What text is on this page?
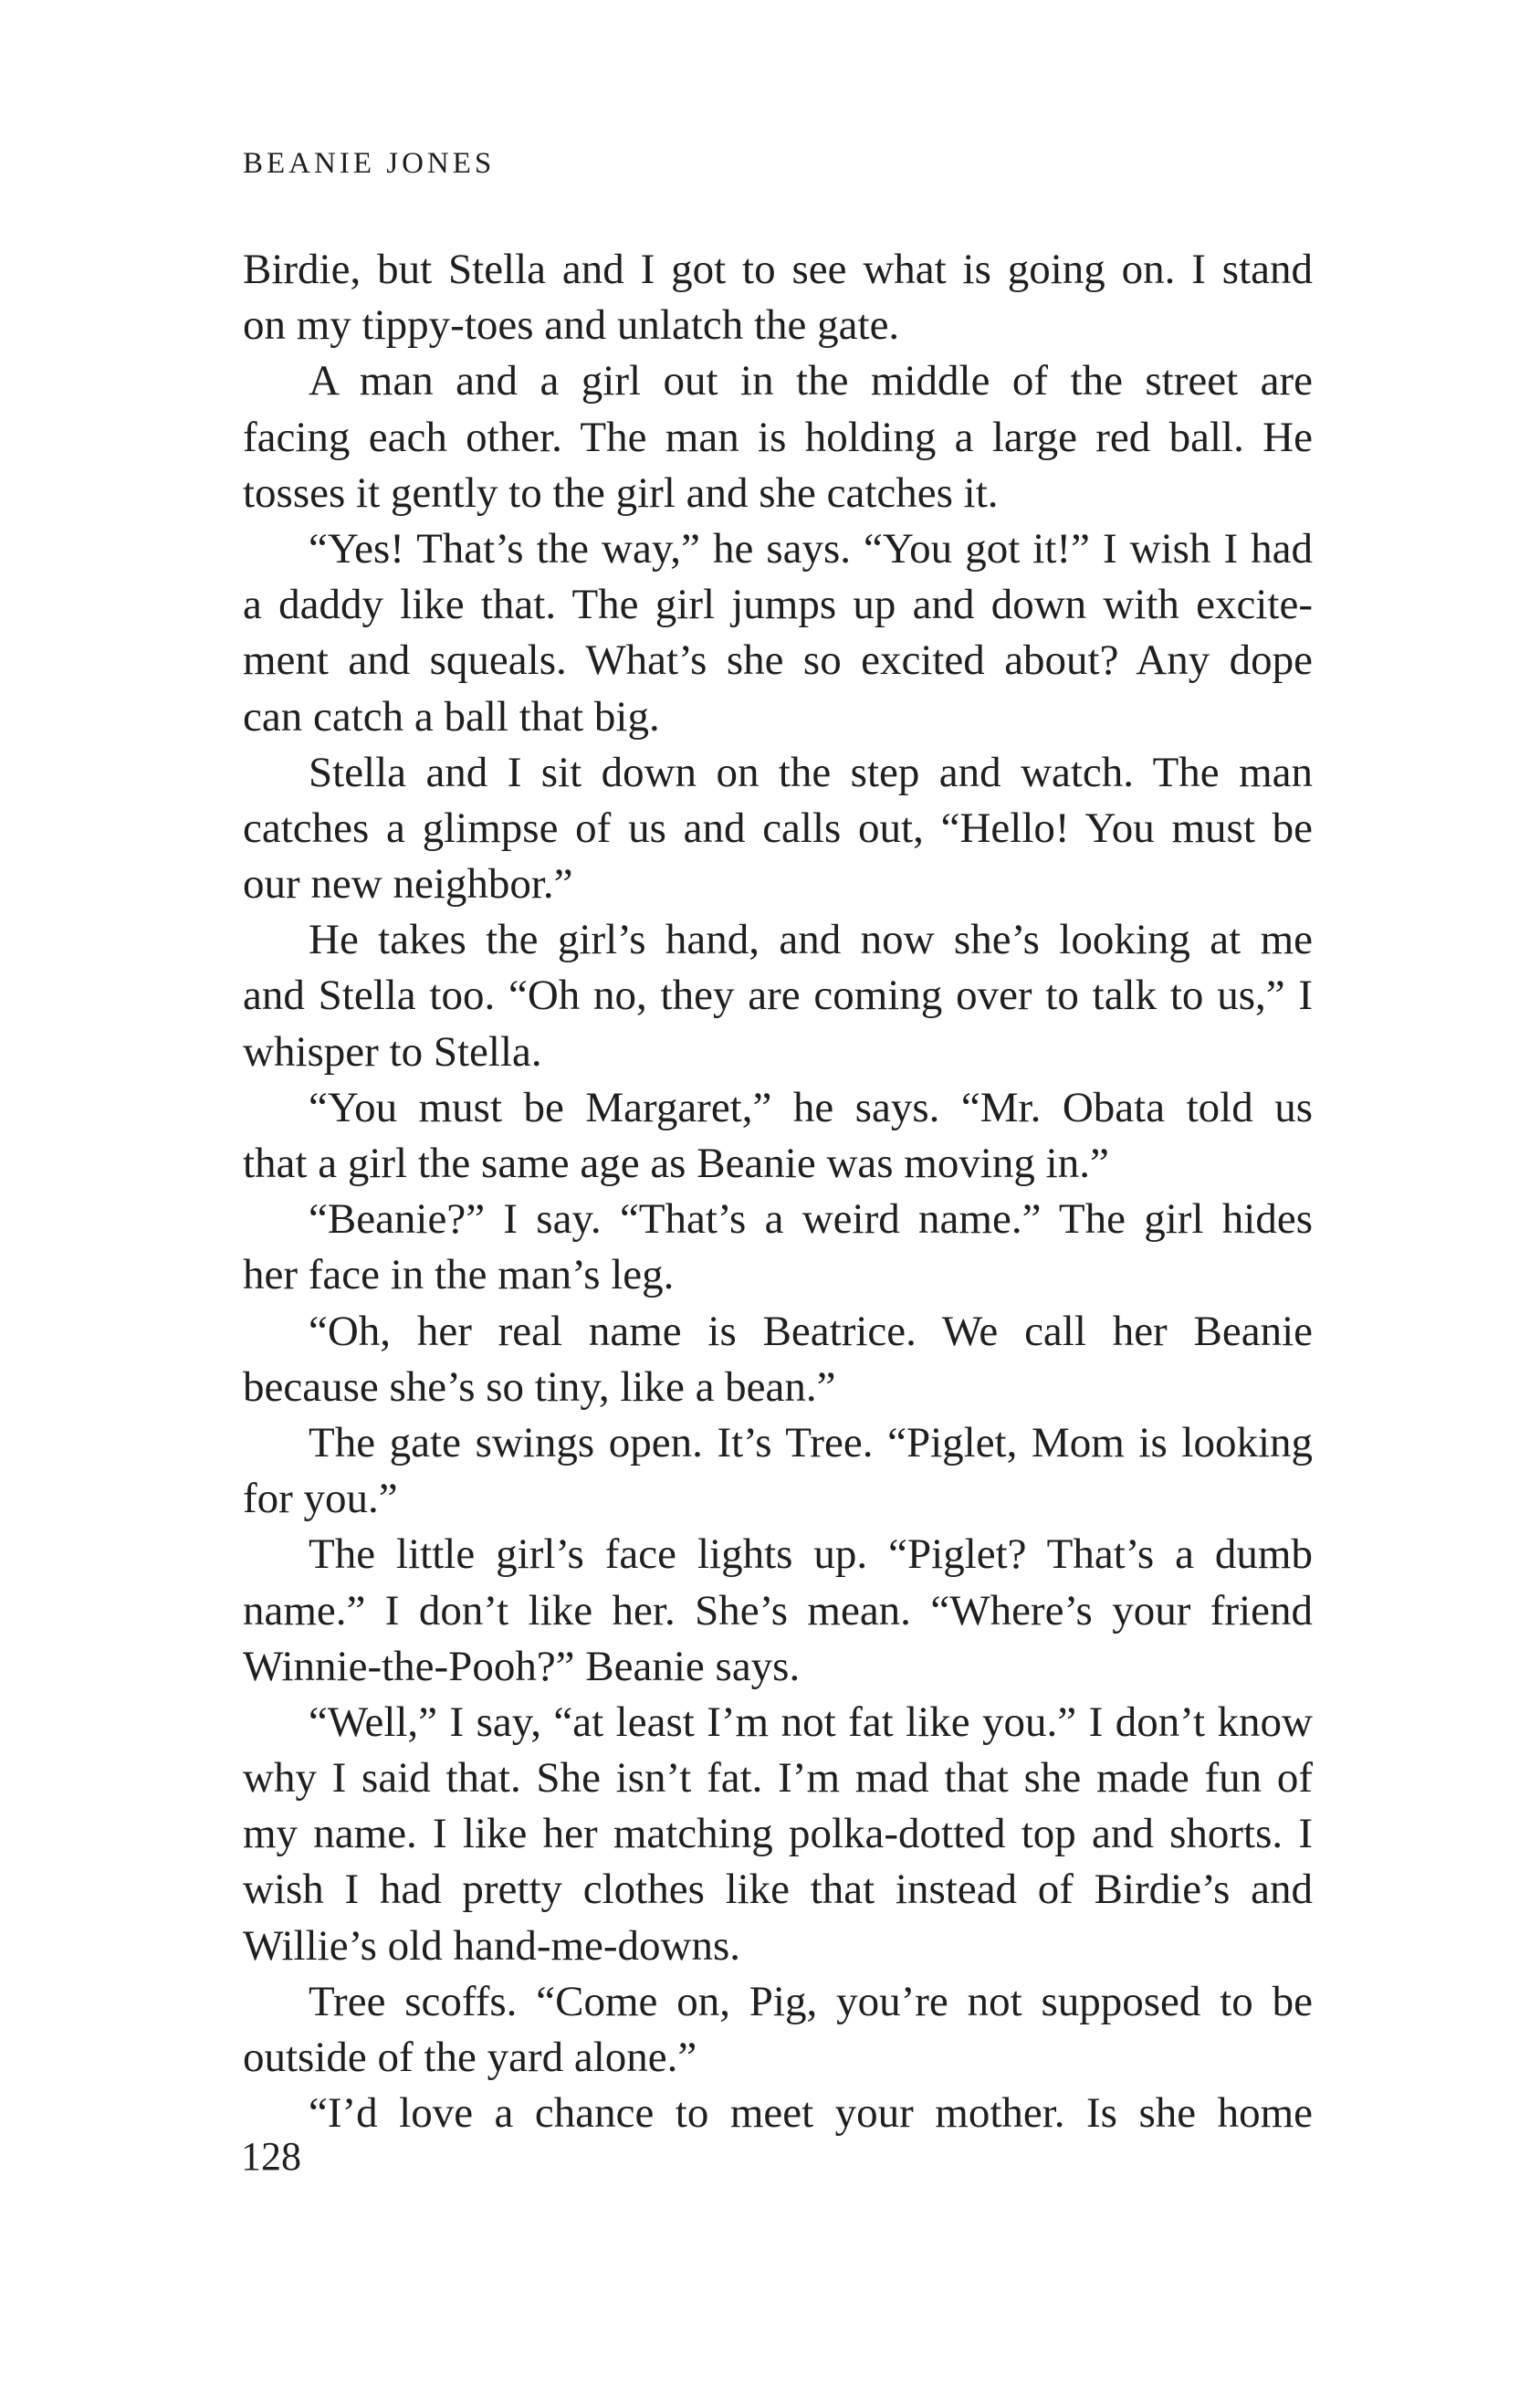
BEANIE JONES
Birdie, but Stella and I got to see what is going on. I stand
on my tippy-toes and unlatch the gate.
A man and a girl out in the middle of the street are
facing each other. The man is holding a large red ball. He
tosses it gently to the girl and she catches it.
“Yes! That’s the way,” he says. “You got it!” I wish I had
a daddy like that. The girl jumps up and down with excite-
ment and squeals. What’s she so excited about? Any dope
can catch a ball that big.
Stella and I sit down on the step and watch. The man
catches a glimpse of us and calls out, “Hello! You must be
our new neighbor.”
He takes the girl’s hand, and now she’s looking at me
and Stella too. “Oh no, they are coming over to talk to us,” I
whisper to Stella.
“You must be Margaret,” he says. “Mr. Obata told us
that a girl the same age as Beanie was moving in.”
“Beanie?” I say. “That’s a weird name.” The girl hides
her face in the man’s leg.
“Oh, her real name is Beatrice. We call her Beanie
because she’s so tiny, like a bean.”
The gate swings open. It’s Tree. “Piglet, Mom is looking
for you.”
The little girl’s face lights up. “Piglet? That’s a dumb
name.” I don’t like her. She’s mean. “Where’s your friend
Winnie-the-Pooh?” Beanie says.
“Well,” I say, “at least I’m not fat like you.” I don’t know
why I said that. She isn’t fat. I’m mad that she made fun of
my name. I like her matching polka-dotted top and shorts. I
wish I had pretty clothes like that instead of Birdie’s and
Willie’s old hand-me-downs.
Tree scoffs. “Come on, Pig, you’re not supposed to be
outside of the yard alone.”
“I’d love a chance to meet your mother. Is she home
128
